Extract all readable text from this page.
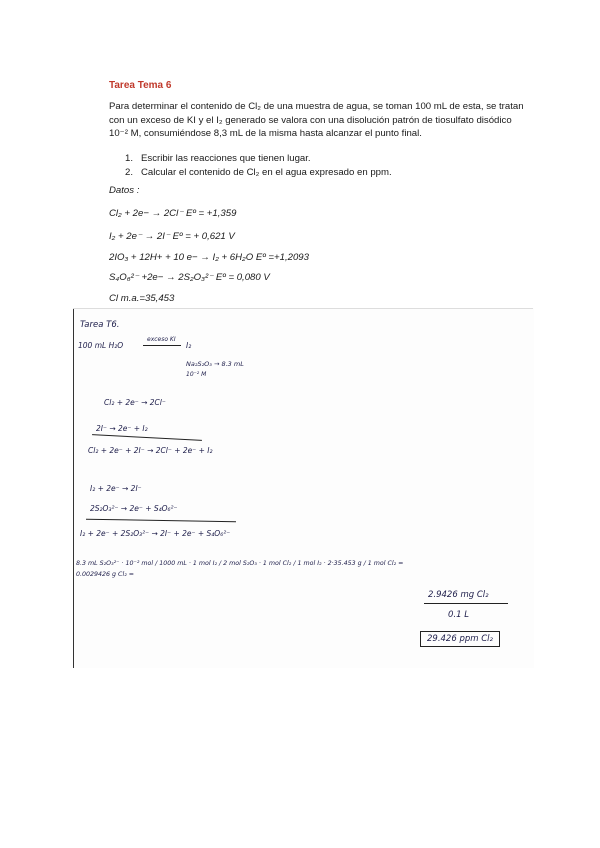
Tarea Tema 6
Para determinar el contenido de Cl₂ de una muestra de agua, se toman 100 mL de esta, se tratan con un exceso de KI y el I₂ generado se valora con una disolución patrón de tiosulfato disódico 10⁻² M, consumiéndose 8,3 mL de la misma hasta alcanzar el punto final.
1. Escribir las reacciones que tienen lugar.
2. Calcular el contenido de Cl₂ en el agua expresado en ppm.
Datos :
Cl₂ + 2e− → 2Cl⁻ Eº = +1,359
I₂ + 2e⁻ → 2I⁻ Eº = + 0,621 V
2IO₃ + 12H+ + 10 e− → I₂ + 6H₂O Eº =+1,2093
S₄O₆²⁻ +2e− → 2S₂O₃²⁻ Eº = 0,080 V
Cl m.a.=35,453
Tarea T6.
100 mL H₂O
exceso KI
I₂
Na₂S₂O₃ → 8.3 mL
10⁻² M
Cl₂ + 2e⁻ → 2Cl⁻
2I⁻ → 2e⁻ + I₂
Cl₂ + 2e⁻ + 2I⁻ → 2Cl⁻ + 2e⁻ + I₂
I₂ + 2e⁻ → 2I⁻
2S₂O₃²⁻ → 2e⁻ + S₄O₆²⁻
I₂ + 2e⁻ + 2S₂O₃²⁻ → 2I⁻ + 2e⁻ + S₄O₆²⁻
8.3 mL S₂O₃²⁻ · 10⁻² mol / 1000 mL · 1 mol I₂ / 2 mol S₂O₃ · 1 mol Cl₂ / 1 mol I₂ · 2·35.453 g / 1 mol Cl₂ = 0.0029426 g Cl₂ =
2.9426 mg Cl₂
0.1 L
29.426 ppm Cl₂
